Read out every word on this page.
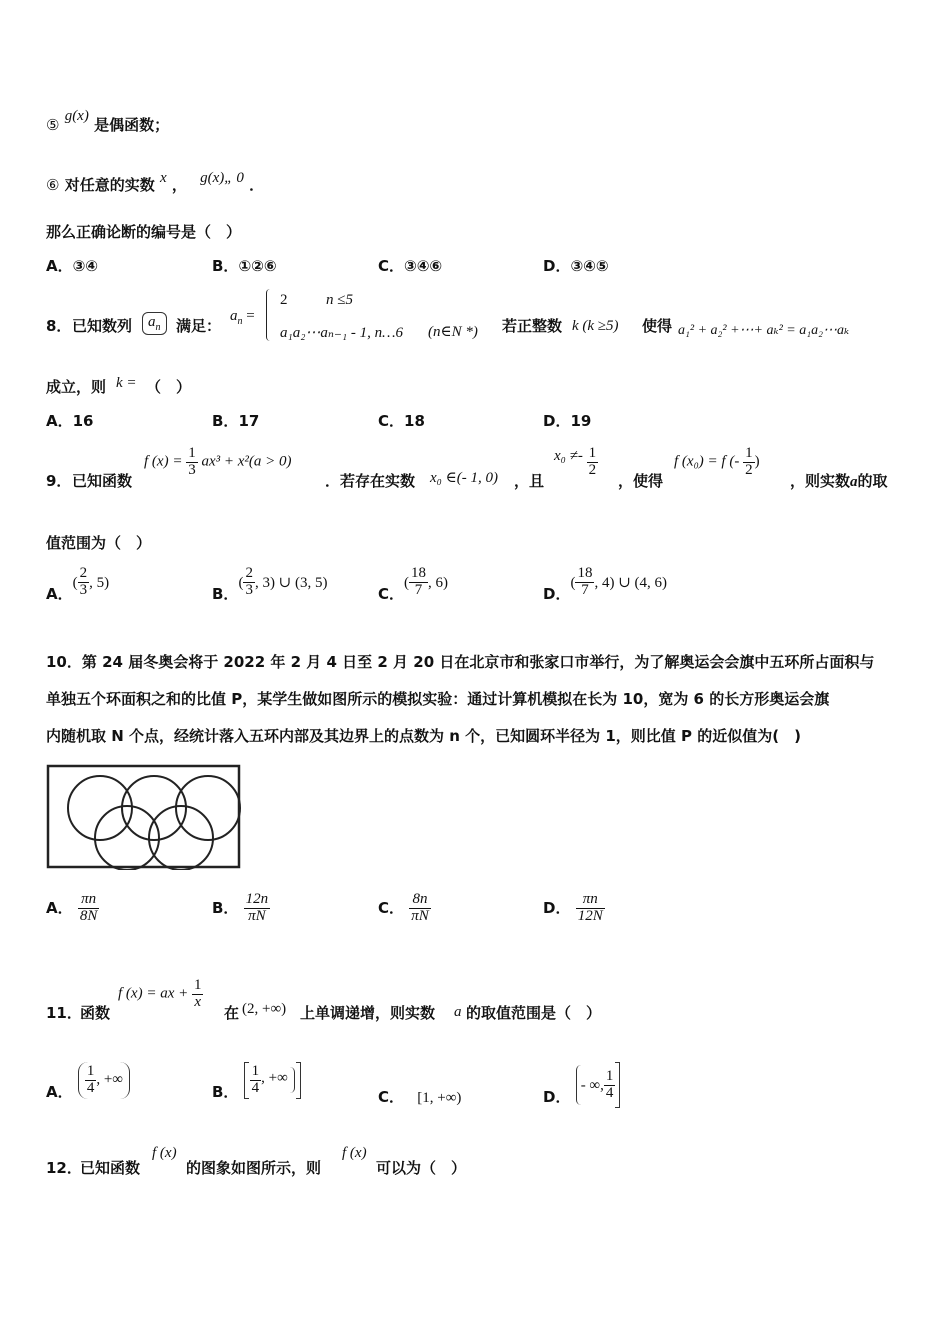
⑤ g(x) 是偶函数；
⑥ 对任意的实数 x ， g(x)„ 0 ．
那么正确论断的编号是（　）
A．③④	B．①②⑥	C．③④⑥	D．③④⑤
8． 已知数列	$a_n$	满足：
$a_n$ =
2	n ≤5
a₁a₂⋯aₙ₋₁ - 1, n…6 (n∈N *) 若正整数 k (k ≥5) 使得 a₁² + a₂² +⋯+ aₖ² = a₁a₂⋯aₖ
成立，则 k = （　）
A．16	B．17	C．18	D．19
9． 已知函数
f $(x) = \frac{1}{3} ax^3 + x^2(a > 0)$
．若存在实数 x₀ ∈(- 1, 0) ，且
$x_0 \ne- \frac{1}{2}$
，使得
f (x₀) = f (- $\frac{1}{2}$ )
，则实数a的取
值范围为（　）
A．( $\frac{2}{3}$ , 5)
B．( $\frac{2}{3}$ , 3) ∪ (3, 5)
C．( $\frac{18}{7}$ , 6)
D．( $\frac{18}{7}$ , 4) ∪ (4, 6)
10．第 24 届冬奥会将于 2022 年 2 月 4 日至 2 月 20 日在北京市和张家口市举行，为了解奥运会会旗中五环所占面积与
单独五个环面积之和的比值 P，某学生做如图所示的模拟实验：通过计算机模拟在长为 10，宽为 6 的长方形奥运会旗
内随机取 N 个点，经统计落入五环内部及其边界上的点数为 n 个，已知圆环半径为 1，则比值 P 的近似值为(　)
A． $\frac{\pi n}{8N}$	B． $\frac{12n}{\pi N}$	C． $\frac{8n}{\pi N}$	D． $\frac{\pi n}{12N}$
11．
函数
f (x) = ax + $\frac{1}{x}$
在 (2, +∞) 上单调递增，则实数 a 的取值范围是（　）
A． $\frac{1}{4}$ , +∞
B． $\frac{1}{4}$ , +∞
C． [1, +∞)	D． - ∞, $\frac{1}{4}$
12．
已知函数
f (x)
的图象如图所示，则
f (x)
可以为（　）
